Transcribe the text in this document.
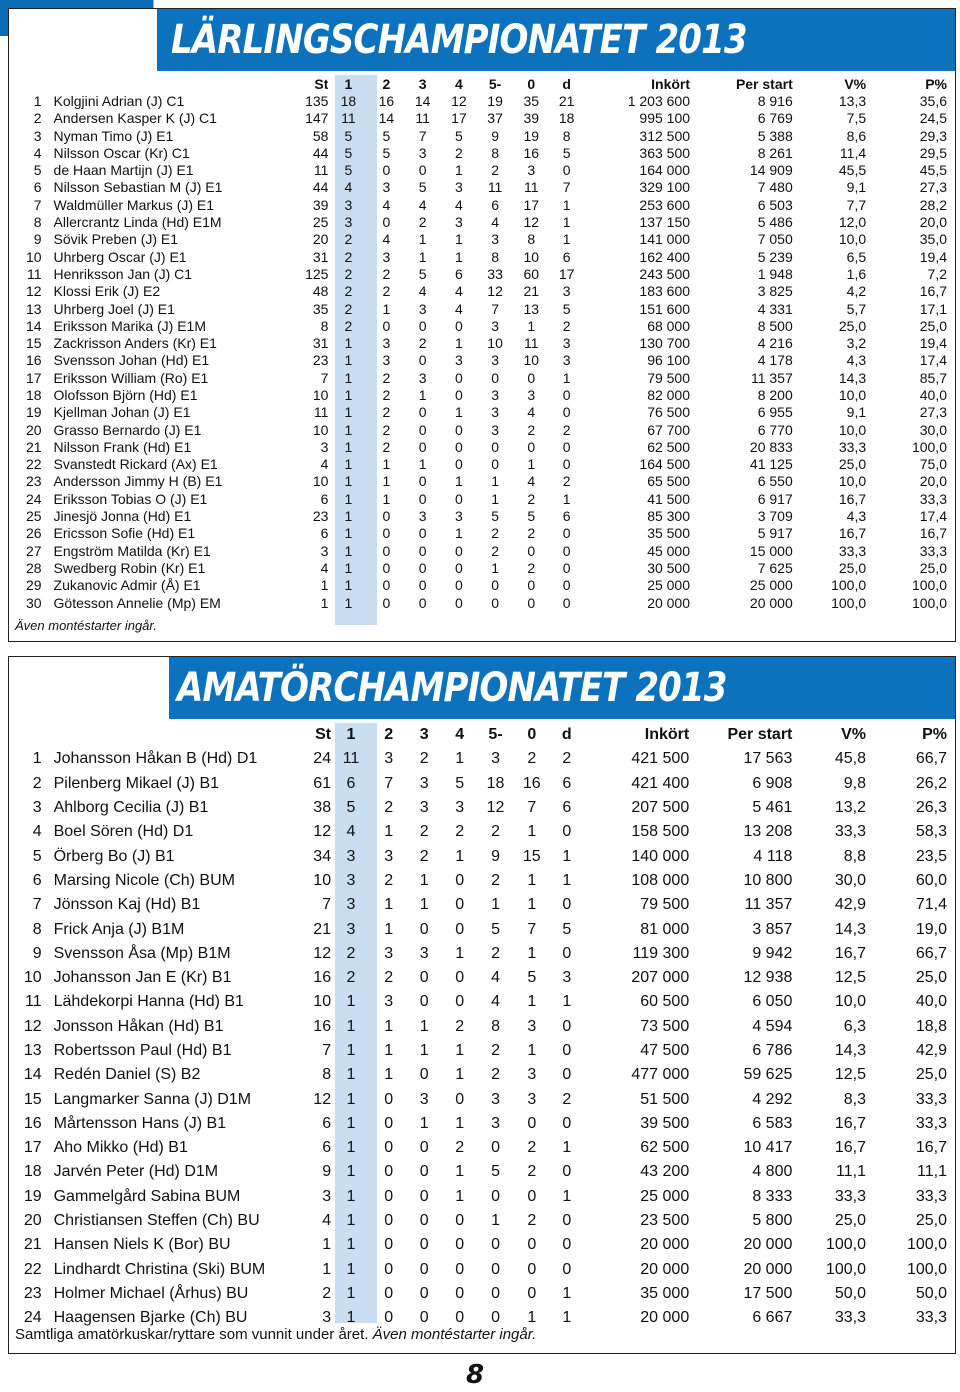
LÄRLINGSCHAMPIONATET 2013
		St	1	2	3	4	5-	0	d	Inkört	Per start	V%	P%
1	Kolgjini Adrian (J) C1	135	18	16	14	12	19	35	21	1 203 600	8 916	13,3	35,6
2	Andersen Kasper K (J) C1	147	11	14	11	17	37	39	18	995 100	6 769	7,5	24,5
3	Nyman Timo (J) E1	58	5	5	7	5	9	19	8	312 500	5 388	8,6	29,3
4	Nilsson Oscar (Kr) C1	44	5	5	3	2	8	16	5	363 500	8 261	11,4	29,5
5	de Haan Martijn (J) E1	11	5	0	0	1	2	3	0	164 000	14 909	45,5	45,5
6	Nilsson Sebastian M (J) E1	44	4	3	5	3	11	11	7	329 100	7 480	9,1	27,3
7	Waldmüller Markus (J) E1	39	3	4	4	4	6	17	1	253 600	6 503	7,7	28,2
8	Allercrantz Linda (Hd) E1M	25	3	0	2	3	4	12	1	137 150	5 486	12,0	20,0
9	Sövik Preben (J) E1	20	2	4	1	1	3	8	1	141 000	7 050	10,0	35,0
10	Uhrberg Oscar (J) E1	31	2	3	1	1	8	10	6	162 400	5 239	6,5	19,4
11	Henriksson Jan (J) C1	125	2	2	5	6	33	60	17	243 500	1 948	1,6	7,2
12	Klossi Erik (J) E2	48	2	2	4	4	12	21	3	183 600	3 825	4,2	16,7
13	Uhrberg Joel (J) E1	35	2	1	3	4	7	13	5	151 600	4 331	5,7	17,1
14	Eriksson Marika (J) E1M	8	2	0	0	0	3	1	2	68 000	8 500	25,0	25,0
15	Zackrisson Anders (Kr) E1	31	1	3	2	1	10	11	3	130 700	4 216	3,2	19,4
16	Svensson Johan (Hd) E1	23	1	3	0	3	3	10	3	96 100	4 178	4,3	17,4
17	Eriksson William (Ro) E1	7	1	2	3	0	0	0	1	79 500	11 357	14,3	85,7
18	Olofsson Björn (Hd) E1	10	1	2	1	0	3	3	0	82 000	8 200	10,0	40,0
19	Kjellman Johan (J) E1	11	1	2	0	1	3	4	0	76 500	6 955	9,1	27,3
20	Grasso Bernardo (J) E1	10	1	2	0	0	3	2	2	67 700	6 770	10,0	30,0
21	Nilsson Frank (Hd) E1	3	1	2	0	0	0	0	0	62 500	20 833	33,3	100,0
22	Svanstedt Rickard (Ax) E1	4	1	1	1	0	0	1	0	164 500	41 125	25,0	75,0
23	Andersson Jimmy H (B) E1	10	1	1	0	1	1	4	2	65 500	6 550	10,0	20,0
24	Eriksson Tobias O (J) E1	6	1	1	0	0	1	2	1	41 500	6 917	16,7	33,3
25	Jinesjö Jonna (Hd) E1	23	1	0	3	3	5	5	6	85 300	3 709	4,3	17,4
26	Ericsson Sofie (Hd) E1	6	1	0	0	1	2	2	0	35 500	5 917	16,7	16,7
27	Engström Matilda (Kr) E1	3	1	0	0	0	2	0	0	45 000	15 000	33,3	33,3
28	Swedberg Robin (Kr) E1	4	1	0	0	0	1	2	0	30 500	7 625	25,0	25,0
29	Zukanovic Admir (Å) E1	1	1	0	0	0	0	0	0	25 000	25 000	100,0	100,0
30	Götesson Annelie (Mp) EM	1	1	0	0	0	0	0	0	20 000	20 000	100,0	100,0
Även montéstarter ingår.
AMATÖRCHAMPIONATET 2013
		St	1	2	3	4	5-	0	d	Inkört	Per start	V%	P%
1	Johansson Håkan B (Hd) D1	24	11	3	2	1	3	2	2	421 500	17 563	45,8	66,7
2	Pilenberg Mikael (J) B1	61	6	7	3	5	18	16	6	421 400	6 908	9,8	26,2
3	Ahlborg Cecilia (J) B1	38	5	2	3	3	12	7	6	207 500	5 461	13,2	26,3
4	Boel Sören (Hd) D1	12	4	1	2	2	2	1	0	158 500	13 208	33,3	58,3
5	Örberg Bo (J) B1	34	3	3	2	1	9	15	1	140 000	4 118	8,8	23,5
6	Marsing Nicole (Ch) BUM	10	3	2	1	0	2	1	1	108 000	10 800	30,0	60,0
7	Jönsson Kaj (Hd) B1	7	3	1	1	0	1	1	0	79 500	11 357	42,9	71,4
8	Frick Anja (J) B1M	21	3	1	0	0	5	7	5	81 000	3 857	14,3	19,0
9	Svensson Åsa (Mp) B1M	12	2	3	3	1	2	1	0	119 300	9 942	16,7	66,7
10	Johansson Jan E (Kr) B1	16	2	2	0	0	4	5	3	207 000	12 938	12,5	25,0
11	Lähdekorpi Hanna (Hd) B1	10	1	3	0	0	4	1	1	60 500	6 050	10,0	40,0
12	Jonsson Håkan (Hd) B1	16	1	1	1	2	8	3	0	73 500	4 594	6,3	18,8
13	Robertsson Paul (Hd) B1	7	1	1	1	1	2	1	0	47 500	6 786	14,3	42,9
14	Redén Daniel (S) B2	8	1	1	0	1	2	3	0	477 000	59 625	12,5	25,0
15	Langmarker Sanna (J) D1M	12	1	0	3	0	3	3	2	51 500	4 292	8,3	33,3
16	Mårtensson Hans (J) B1	6	1	0	1	1	3	0	0	39 500	6 583	16,7	33,3
17	Aho Mikko (Hd) B1	6	1	0	0	2	0	2	1	62 500	10 417	16,7	16,7
18	Jarvén Peter (Hd) D1M	9	1	0	0	1	5	2	0	43 200	4 800	11,1	11,1
19	Gammelgård Sabina BUM	3	1	0	0	1	0	0	1	25 000	8 333	33,3	33,3
20	Christiansen Steffen (Ch) BU	4	1	0	0	0	1	2	0	23 500	5 800	25,0	25,0
21	Hansen Niels K (Bor) BU	1	1	0	0	0	0	0	0	20 000	20 000	100,0	100,0
22	Lindhardt Christina (Ski) BUM	1	1	0	0	0	0	0	0	20 000	20 000	100,0	100,0
23	Holmer Michael (Århus) BU	2	1	0	0	0	0	0	1	35 000	17 500	50,0	50,0
24	Haagensen Bjarke (Ch) BU	3	1	0	0	0	0	1	1	20 000	6 667	33,3	33,3
Samtliga amatörkuskar/ryttare som vunnit under året. Även montéstarter ingår.
8
